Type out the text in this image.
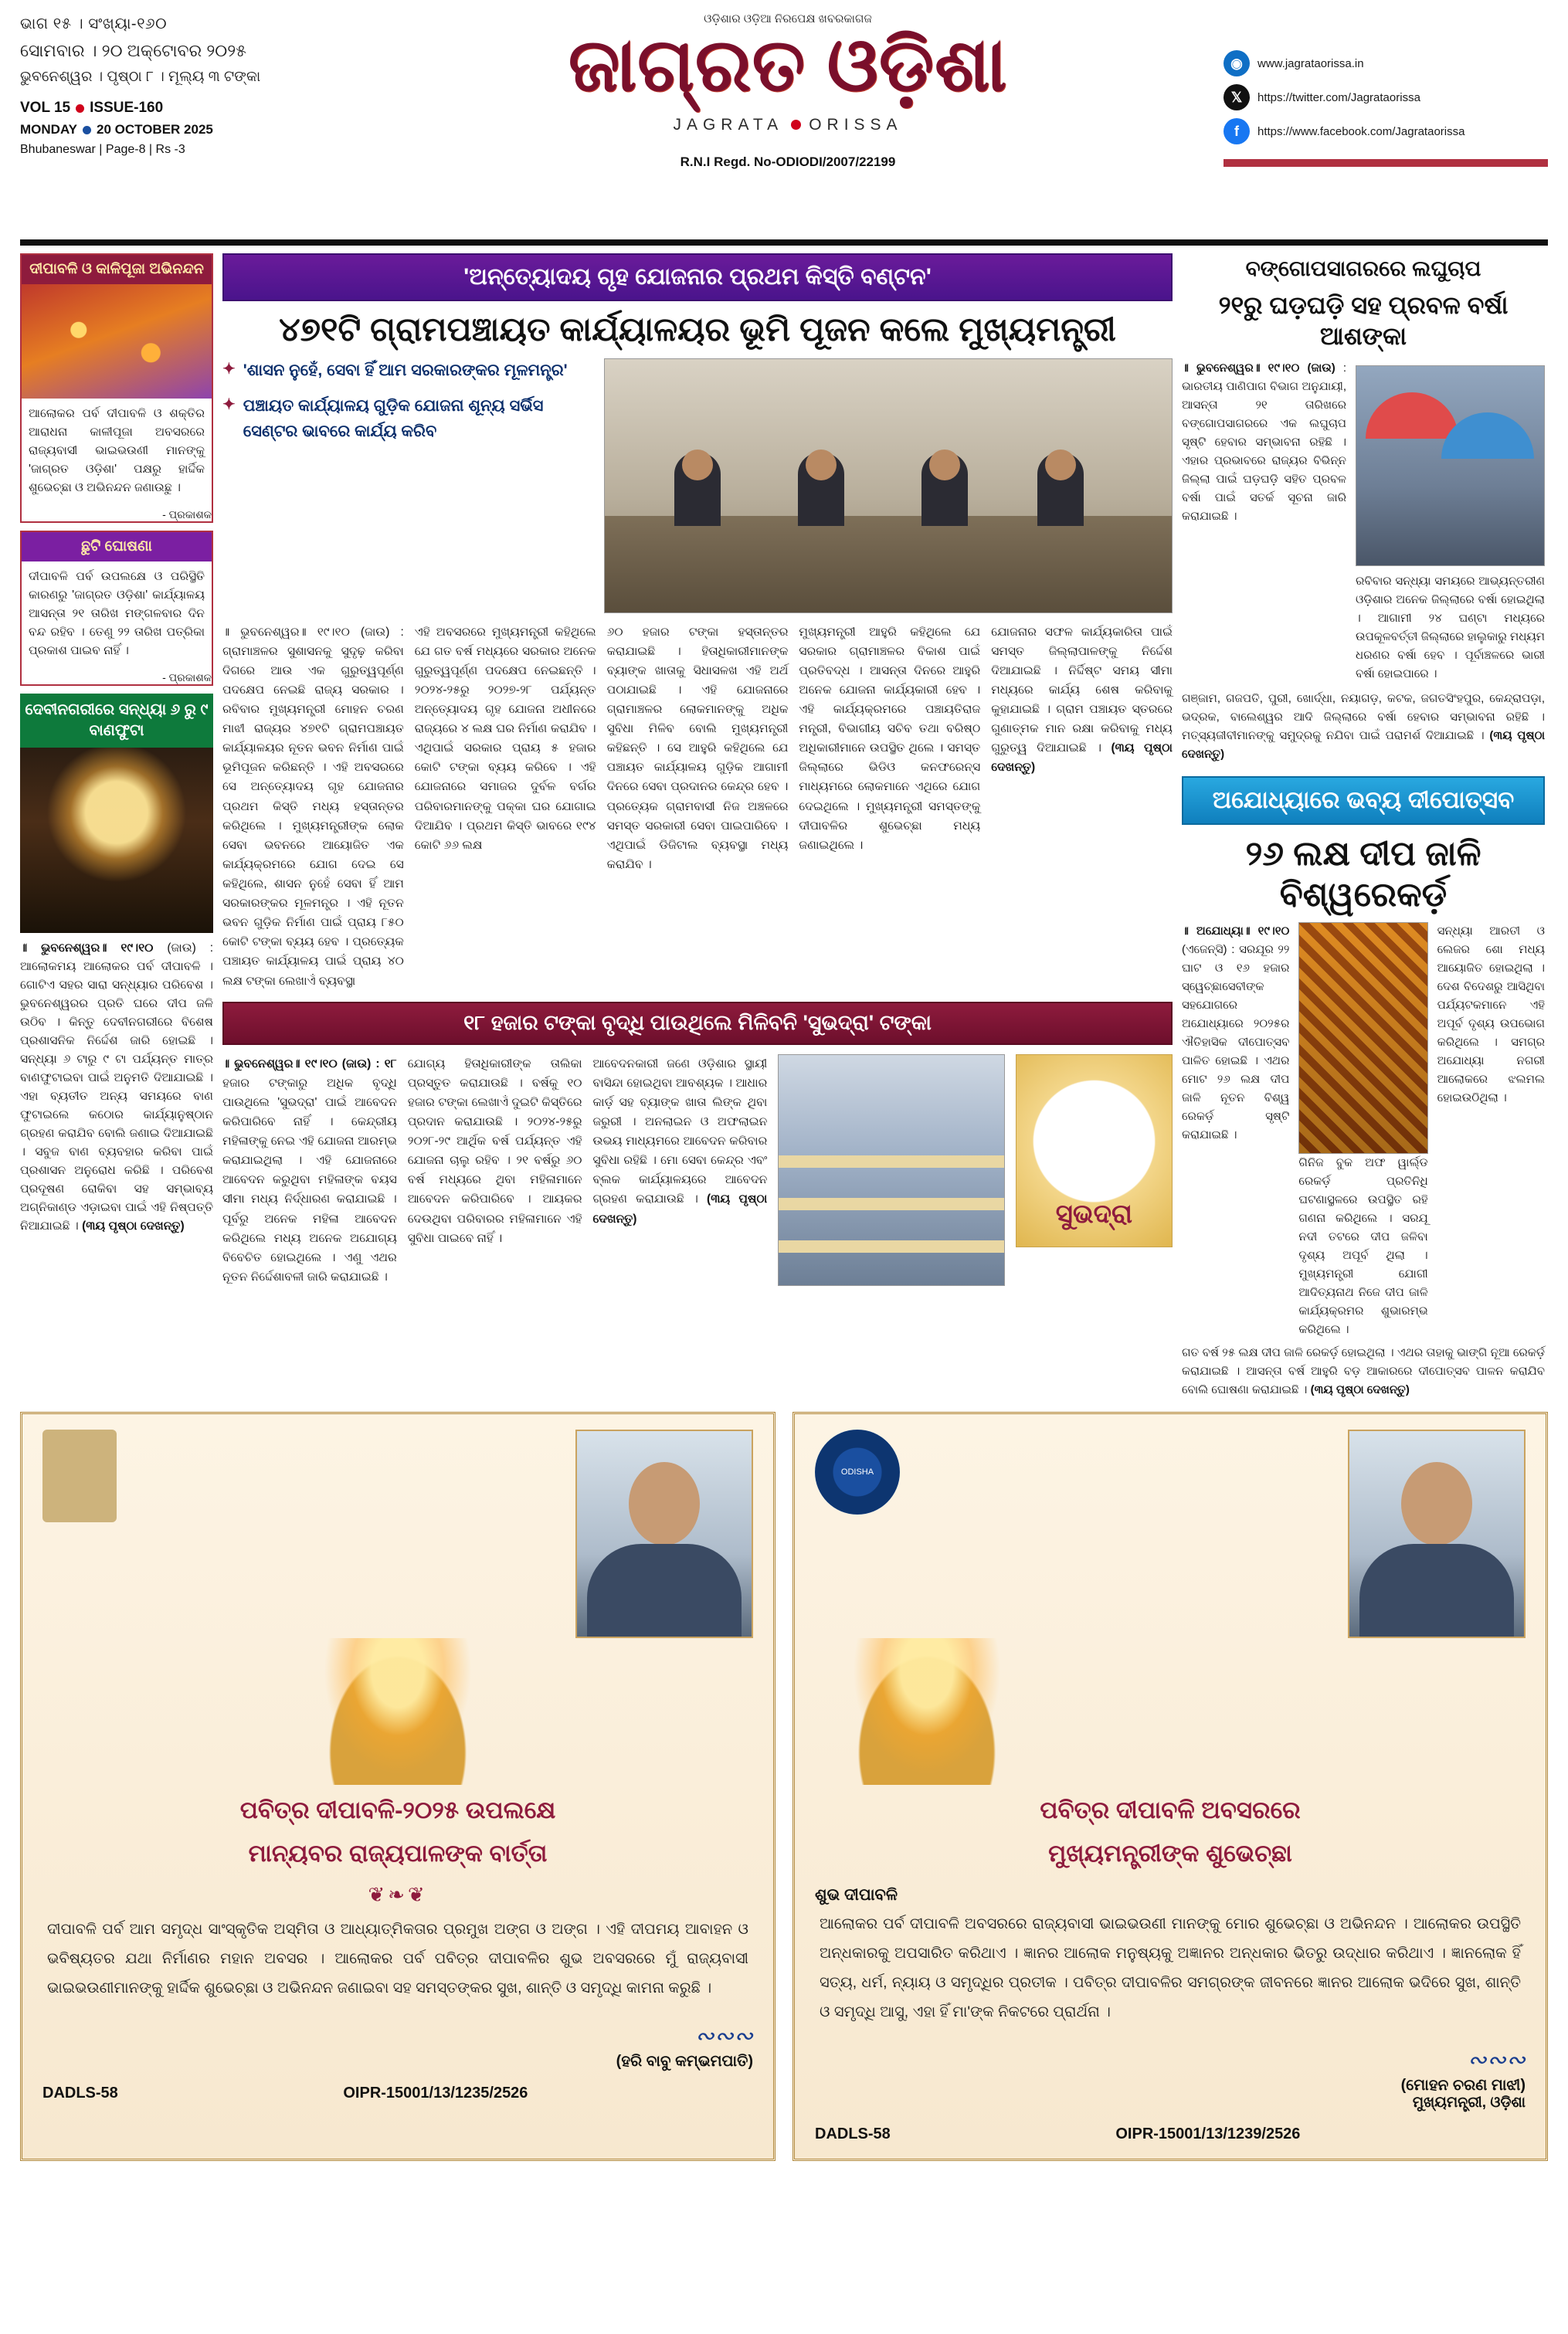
ଭାଗ ୧୫ । ସଂଖ୍ୟା-୧୬୦
ସୋମବାର । ୨୦ ଅକ୍ଟୋବର ୨୦୨୫
ଭୁବନେଶ୍ୱର । ପୃଷ୍ଠା ୮ । ମୂଲ୍ୟ ୩ ଟଙ୍କା
VOL 15 ISSUE-160
MONDAY 20 OCTOBER 2025
Bhubaneswar | Page-8 | Rs -3
ଓଡ଼ିଶାର ଓଡ଼ିଆ ନିରପେକ୍ଷ ଖବରକାଗଜ
ଜାଗ୍ରତ ଓଡ଼ିଶା
JAGRATA ORISSA
R.N.I Regd. No-ODIODI/2007/22199
◉	www.jagrataorissa.in
𝕏	https://twitter.com/Jagrataorissa
f	https://www.facebook.com/Jagrataorissa
ଦୀପାବଳି ଓ କାଳିପୂଜା ଅଭିନନ୍ଦନ
ଆଲୋକର ପର୍ବ ଦୀପାବଳି ଓ ଶକ୍ତିର ଆରାଧନା କାଳୀପୂଜା ଅବସରରେ ରାଜ୍ୟବାସୀ ଭାଇଭଉଣୀ ମାନଙ୍କୁ 'ଜାଗ୍ରତ ଓଡ଼ିଶା' ପକ୍ଷରୁ ହାର୍ଦ୍ଦିକ ଶୁଭେଚ୍ଛା ଓ ଅଭିନନ୍ଦନ ଜଣାଉଛୁ ।
- ପ୍ରକାଶକ
ଛୁଟି ଘୋଷଣା
ଦୀପାବଳି ପର୍ବ ଉପଲକ୍ଷେ ଓ ପରିସ୍ଥିତି କାରଣରୁ 'ଜାଗ୍ରତ ଓଡ଼ିଶା' କାର୍ଯ୍ୟାଳୟ ଆସନ୍ତା ୨୧ ତାରିଖ ମଙ୍ଗଳବାର ଦିନ ବନ୍ଦ ରହିବ । ତେଣୁ ୨୨ ତାରିଖ ପତ୍ରିକା ପ୍ରକାଶ ପାଇବ ନାହିଁ ।
- ପ୍ରକାଶକ
ଦେବୀନଗରୀରେ ସନ୍ଧ୍ୟା ୬ ରୁ ୯ ବାଣଫୁଟା
॥ ଭୁବନେଶ୍ୱର॥ ୧୯।୧୦ (ଜାଉ) : ଆଲୋକମୟ ଆଲୋକର ପର୍ବ ଦୀପାବଳି । ଗୋଟିଏ ସହର ସାରା ସନ୍ଧ୍ୟାର ପରିବେଶ । ଭୁବନେଶ୍ୱରର ପ୍ରତି ଘରେ ଦୀପ ଜଳି ଉଠିବ । କିନ୍ତୁ ଦେବୀନଗରୀରେ ବିଶେଷ ପ୍ରଶାସନିକ ନିର୍ଦ୍ଦେଶ ଜାରି ହୋଇଛି । ସନ୍ଧ୍ୟା ୬ ଟାରୁ ୯ ଟା ପର୍ଯ୍ୟନ୍ତ ମାତ୍ର ବାଣଫୁଟାଇବା ପାଇଁ ଅନୁମତି ଦିଆଯାଇଛି । ଏହା ବ୍ୟତୀତ ଅନ୍ୟ ସମୟରେ ବାଣ ଫୁଟାଇଲେ କଠୋର କାର୍ଯ୍ୟାନୁଷ୍ଠାନ ଗ୍ରହଣ କରାଯିବ ବୋଲି ଜଣାଇ ଦିଆଯାଇଛି । ସବୁଜ ବାଣ ବ୍ୟବହାର କରିବା ପାଇଁ ପ୍ରଶାସନ ଅନୁରୋଧ କରିଛି । ପରିବେଶ ପ୍ରଦୂଷଣ ରୋକିବା ସହ ସମ୍ଭାବ୍ୟ ଅଗ୍ନିକାଣ୍ଡ ଏଡ଼ାଇବା ପାଇଁ ଏହି ନିଷ୍ପତ୍ତି ନିଆଯାଇଛି । (୩ୟ ପୃଷ୍ଠା ଦେଖନ୍ତୁ)
'ଅନ୍ତ୍ୟୋଦୟ ଗୃହ ଯୋଜନାର ପ୍ରଥମ କିସ୍ତି ବଣ୍ଟନ'
୪୭୧ଟି ଗ୍ରାମପଞ୍ଚାୟତ କାର୍ଯ୍ୟାଳୟର ଭୂମି ପୂଜନ କଲେ ମୁଖ୍ୟମନ୍ତ୍ରୀ
✦ 'ଶାସନ ନୁହେଁ, ସେବା ହିଁ ଆମ ସରକାରଙ୍କର ମୂଳମନ୍ତ୍ର'
✦ ପଞ୍ଚାୟତ କାର୍ଯ୍ୟାଳୟ ଗୁଡ଼ିକ ଯୋଜନା ଶୂନ୍ୟ ସର୍ଭିସ ସେଣ୍ଟର ଭାବରେ କାର୍ଯ୍ୟ କରିବ
॥ ଭୁବନେଶ୍ୱର॥ ୧୯।୧୦ (ଜାଉ) : ଗ୍ରାମାଞ୍ଚଳର ସୁଶାସନକୁ ସୁଦୃଢ଼ କରିବା ଦିଗରେ ଆଉ ଏକ ଗୁରୁତ୍ୱପୂର୍ଣ୍ଣ ପଦକ୍ଷେପ ନେଇଛି ରାଜ୍ୟ ସରକାର । ରବିବାର ମୁଖ୍ୟମନ୍ତ୍ରୀ ମୋହନ ଚରଣ ମାଝୀ ରାଜ୍ୟର ୪୭୧ଟି ଗ୍ରାମପଞ୍ଚାୟତ କାର୍ଯ୍ୟାଳୟର ନୂତନ ଭବନ ନିର୍ମାଣ ପାଇଁ ଭୂମିପୂଜନ କରିଛନ୍ତି । ଏହି ଅବସରରେ ସେ ଅନ୍ତ୍ୟୋଦୟ ଗୃହ ଯୋଜନାର ପ୍ରଥମ କିସ୍ତି ମଧ୍ୟ ହସ୍ତାନ୍ତର କରିଥିଲେ । ମୁଖ୍ୟମନ୍ତ୍ରୀଙ୍କ ଲୋକ ସେବା ଭବନରେ ଆୟୋଜିତ ଏକ କାର୍ଯ୍ୟକ୍ରମରେ ଯୋଗ ଦେଇ ସେ କହିଥିଲେ, ଶାସନ ନୁହେଁ ସେବା ହିଁ ଆମ ସରକାରଙ୍କର ମୂଳମନ୍ତ୍ର । ଏହି ନୂତନ ଭବନ ଗୁଡ଼ିକ ନିର୍ମାଣ ପାଇଁ ପ୍ରାୟ ୮୫୦ କୋଟି ଟଙ୍କା ବ୍ୟୟ ହେବ । ପ୍ରତ୍ୟେକ ପଞ୍ଚାୟତ କାର୍ଯ୍ୟାଳୟ ପାଇଁ ପ୍ରାୟ ୪୦ ଲକ୍ଷ ଟଙ୍କା ଲେଖାଏଁ ବ୍ୟବସ୍ଥା
ଏହି ଅବସରରେ ମୁଖ୍ୟମନ୍ତ୍ରୀ କହିଥିଲେ ଯେ ଗତ ବର୍ଷ ମଧ୍ୟରେ ସରକାର ଅନେକ ଗୁରୁତ୍ୱପୂର୍ଣ୍ଣ ପଦକ୍ଷେପ ନେଇଛନ୍ତି । ୨୦୨୪-୨୫ରୁ ୨୦୨୭-୨୮ ପର୍ଯ୍ୟନ୍ତ ଅନ୍ତ୍ୟୋଦୟ ଗୃହ ଯୋଜନା ଅଧୀନରେ ରାଜ୍ୟରେ ୪ ଲକ୍ଷ ଘର ନିର୍ମାଣ କରାଯିବ । ଏଥିପାଇଁ ସରକାର ପ୍ରାୟ ୫ ହଜାର କୋଟି ଟଙ୍କା ବ୍ୟୟ କରିବେ । ଏହି ଯୋଜନାରେ ସମାଜର ଦୁର୍ବଳ ବର୍ଗର ପରିବାରମାନଙ୍କୁ ପକ୍କା ଘର ଯୋଗାଇ ଦିଆଯିବ । ପ୍ରଥମ କିସ୍ତି ଭାବରେ ୧୯୪ କୋଟି ୬୬ ଲକ୍ଷ
୬୦ ହଜାର ଟଙ୍କା ହସ୍ତାନ୍ତର କରାଯାଇଛି । ହିତାଧିକାରୀମାନଙ୍କ ବ୍ୟାଙ୍କ ଖାତାକୁ ସିଧାସଳଖ ଏହି ଅର୍ଥ ପଠାଯାଇଛି । ଏହି ଯୋଜନାରେ ଗ୍ରାମାଞ୍ଚଳର ଲୋକମାନଙ୍କୁ ଅଧିକ ସୁବିଧା ମିଳିବ ବୋଲି ମୁଖ୍ୟମନ୍ତ୍ରୀ କହିଛନ୍ତି । ସେ ଆହୁରି କହିଥିଲେ ଯେ ପଞ୍ଚାୟତ କାର୍ଯ୍ୟାଳୟ ଗୁଡ଼ିକ ଆଗାମୀ ଦିନରେ ସେବା ପ୍ରଦାନର କେନ୍ଦ୍ର ହେବ । ପ୍ରତ୍ୟେକ ଗ୍ରାମବାସୀ ନିଜ ଅଞ୍ଚଳରେ ସମସ୍ତ ସରକାରୀ ସେବା ପାଇପାରିବେ । ଏଥିପାଇଁ ଡିଜିଟାଲ ବ୍ୟବସ୍ଥା ମଧ୍ୟ କରାଯିବ ।
ମୁଖ୍ୟମନ୍ତ୍ରୀ ଆହୁରି କହିଥିଲେ ଯେ ସରକାର ଗ୍ରାମାଞ୍ଚଳର ବିକାଶ ପାଇଁ ପ୍ରତିବଦ୍ଧ । ଆସନ୍ତା ଦିନରେ ଆହୁରି ଅନେକ ଯୋଜନା କାର୍ଯ୍ୟକାରୀ ହେବ । ଏହି କାର୍ଯ୍ୟକ୍ରମରେ ପଞ୍ଚାୟତିରାଜ ମନ୍ତ୍ରୀ, ବିଭାଗୀୟ ସଚିବ ତଥା ବରିଷ୍ଠ ଅଧିକାରୀମାନେ ଉପସ୍ଥିତ ଥିଲେ । ସମସ୍ତ ଜିଲ୍ଲାରେ ଭିଡିଓ କନଫରେନ୍ସ ମାଧ୍ୟମରେ ଲୋକମାନେ ଏଥିରେ ଯୋଗ ଦେଇଥିଲେ । ମୁଖ୍ୟମନ୍ତ୍ରୀ ସମସ୍ତଙ୍କୁ ଦୀପାବଳିର ଶୁଭେଚ୍ଛା ମଧ୍ୟ ଜଣାଇଥିଲେ ।
ଯୋଜନାର ସଫଳ କାର୍ଯ୍ୟକାରିତା ପାଇଁ ସମସ୍ତ ଜିଲ୍ଲାପାଳଙ୍କୁ ନିର୍ଦ୍ଦେଶ ଦିଆଯାଇଛି । ନିର୍ଦ୍ଦିଷ୍ଟ ସମୟ ସୀମା ମଧ୍ୟରେ କାର୍ଯ୍ୟ ଶେଷ କରିବାକୁ କୁହାଯାଇଛି । ଗ୍ରାମ ପଞ୍ଚାୟତ ସ୍ତରରେ ଗୁଣାତ୍ମକ ମାନ ରକ୍ଷା କରିବାକୁ ମଧ୍ୟ ଗୁରୁତ୍ୱ ଦିଆଯାଇଛି । (୩ୟ ପୃଷ୍ଠା ଦେଖନ୍ତୁ)
୧୮ ହଜାର ଟଙ୍କା ବୃଦ୍ଧି ପାଉଥିଲେ ମିଳିବନି 'ସୁଭଦ୍ରା' ଟଙ୍କା
॥ ଭୁବନେଶ୍ୱର॥ ୧୯।୧୦ (ଜାଉ) : ୧୮ ହଜାର ଟଙ୍କାରୁ ଅଧିକ ବୃଦ୍ଧି ପାଉଥିଲେ 'ସୁଭଦ୍ରା' ପାଇଁ ଆବେଦନ କରିପାରିବେ ନାହିଁ । କେନ୍ଦ୍ରୀୟ ମହିଳାଙ୍କୁ ନେଇ ଏହି ଯୋଜନା ଆରମ୍ଭ କରାଯାଇଥିଲା । ଏହି ଯୋଜନାରେ ଆବେଦନ କରୁଥିବା ମହିଳାଙ୍କ ବୟସ ସୀମା ମଧ୍ୟ ନିର୍ଦ୍ଧାରଣ କରାଯାଇଛି । ପୂର୍ବରୁ ଅନେକ ମହିଳା ଆବେଦନ କରିଥିଲେ ମଧ୍ୟ ଅନେକ ଅଯୋଗ୍ୟ ବିବେଚିତ ହୋଇଥିଲେ । ଏଣୁ ଏଥର ନୂତନ ନିର୍ଦ୍ଦେଶାବଳୀ ଜାରି କରାଯାଇଛି ।
ଯୋଗ୍ୟ ହିତାଧିକାରୀଙ୍କ ତାଲିକା ପ୍ରସ୍ତୁତ କରାଯାଉଛି । ବର୍ଷକୁ ୧୦ ହଜାର ଟଙ୍କା ଲେଖାଏଁ ଦୁଇଟି କିସ୍ତିରେ ପ୍ରଦାନ କରାଯାଉଛି । ୨୦୨୪-୨୫ରୁ ୨୦୨୮-୨୯ ଆର୍ଥିକ ବର୍ଷ ପର୍ଯ୍ୟନ୍ତ ଏହି ଯୋଜନା ଚାଲୁ ରହିବ । ୨୧ ବର୍ଷରୁ ୬୦ ବର୍ଷ ମଧ୍ୟରେ ଥିବା ମହିଳାମାନେ ଆବେଦନ କରିପାରିବେ । ଆୟକର ଦେଉଥିବା ପରିବାରର ମହିଳାମାନେ ଏହି ସୁବିଧା ପାଇବେ ନାହିଁ ।
ଆବେଦନକାରୀ ଜଣେ ଓଡ଼ିଶାର ସ୍ଥାୟୀ ବାସିନ୍ଦା ହୋଇଥିବା ଆବଶ୍ୟକ । ଆଧାର କାର୍ଡ଼ ସହ ବ୍ୟାଙ୍କ ଖାତା ଲିଙ୍କ ଥିବା ଜରୁରୀ । ଅନଲାଇନ ଓ ଅଫଲାଇନ ଉଭୟ ମାଧ୍ୟମରେ ଆବେଦନ କରିବାର ସୁବିଧା ରହିଛି । ମୋ ସେବା କେନ୍ଦ୍ର ଏବଂ ବ୍ଲକ କାର୍ଯ୍ୟାଳୟରେ ଆବେଦନ ଗ୍ରହଣ କରାଯାଉଛି । (୩ୟ ପୃଷ୍ଠା ଦେଖନ୍ତୁ)	ସୁଭଦ୍ରା
ବଙ୍ଗୋପସାଗରରେ ଲଘୁଚାପ
୨୧ରୁ ଘଡ଼ଘଡ଼ି ସହ ପ୍ରବଳ ବର୍ଷା ଆଶଙ୍କା
॥ ଭୁବନେଶ୍ୱର॥ ୧୯।୧୦ (ଜାଉ) : ଭାରତୀୟ ପାଣିପାଗ ବିଭାଗ ଅନୁଯାୟୀ, ଆସନ୍ତା ୨୧ ତାରିଖରେ ବଙ୍ଗୋପସାଗରରେ ଏକ ଲଘୁଚାପ ସୃଷ୍ଟି ହେବାର ସମ୍ଭାବନା ରହିଛି । ଏହାର ପ୍ରଭାବରେ ରାଜ୍ୟର ବିଭିନ୍ନ ଜିଲ୍ଲା ପାଇଁ ଘଡ଼ଘଡ଼ି ସହିତ ପ୍ରବଳ ବର୍ଷା ପାଇଁ ସତର୍କ ସୂଚନା ଜାରି କରାଯାଇଛି ।
ରବିବାର ସନ୍ଧ୍ୟା ସମୟରେ ଆଭ୍ୟନ୍ତରୀଣ ଓଡ଼ିଶାର ଅନେକ ଜିଲ୍ଲାରେ ବର୍ଷା ହୋଇଥିଲା । ଆଗାମୀ ୨୪ ଘଣ୍ଟା ମଧ୍ୟରେ ଉପକୂଳବର୍ତ୍ତୀ ଜିଲ୍ଲାରେ ହାଲୁକାରୁ ମଧ୍ୟମ ଧରଣର ବର୍ଷା ହେବ । ପୂର୍ବାଞ୍ଚଳରେ ଭାରୀ ବର୍ଷା ହୋଇପାରେ ।
ଗଞ୍ଜାମ, ଗଜପତି, ପୁରୀ, ଖୋର୍ଦ୍ଧା, ନୟାଗଡ଼, କଟକ, ଜଗତସିଂହପୁର, କେନ୍ଦ୍ରାପଡ଼ା, ଭଦ୍ରକ, ବାଲେଶ୍ୱର ଆଦି ଜିଲ୍ଲାରେ ବର୍ଷା ହେବାର ସମ୍ଭାବନା ରହିଛି । ମତ୍ସ୍ୟଜୀବୀମାନଙ୍କୁ ସମୁଦ୍ରକୁ ନଯିବା ପାଇଁ ପରାମର୍ଶ ଦିଆଯାଇଛି । (୩ୟ ପୃଷ୍ଠା ଦେଖନ୍ତୁ)
ଅଯୋଧ୍ୟାରେ ଭବ୍ୟ ଦୀପୋତ୍ସବ
୨୬ ଲକ୍ଷ ଦୀପ ଜାଳି ବିଶ୍ୱରେକର୍ଡ଼
॥ ଅଯୋଧ୍ୟା॥ ୧୯।୧୦ (ଏଜେନ୍ସି) : ସରଯୂର ୨୨ ଘାଟ ଓ ୧୬ ହଜାର ସ୍ୱେଚ୍ଛାସେବୀଙ୍କ ସହଯୋଗରେ ଅଯୋଧ୍ୟାରେ ୨୦୨୫ର ଐତିହାସିକ ଦୀପୋତ୍ସବ ପାଳିତ ହୋଇଛି । ଏଥର ମୋଟ ୨୬ ଲକ୍ଷ ଦୀପ ଜାଳି ନୂତନ ବିଶ୍ୱ ରେକର୍ଡ଼ ସୃଷ୍ଟି କରାଯାଇଛି ।
ଗିନିଜ ବୁକ ଅଫ ୱାର୍ଲ୍ଡ ରେକର୍ଡ଼ ପ୍ରତିନିଧି ଘଟଣାସ୍ଥଳରେ ଉପସ୍ଥିତ ରହି ଗଣନା କରିଥିଲେ । ସରଯୂ ନଦୀ ତଟରେ ଦୀପ ଜଳିବା ଦୃଶ୍ୟ ଅପୂର୍ବ ଥିଲା । ମୁଖ୍ୟମନ୍ତ୍ରୀ ଯୋଗୀ ଆଦିତ୍ୟନାଥ ନିଜେ ଦୀପ ଜାଳି କାର୍ଯ୍ୟକ୍ରମର ଶୁଭାରମ୍ଭ କରିଥିଲେ ।
ସନ୍ଧ୍ୟା ଆରତୀ ଓ ଲେଜର ଶୋ ମଧ୍ୟ ଆୟୋଜିତ ହୋଇଥିଲା । ଦେଶ ବିଦେଶରୁ ଆସିଥିବା ପର୍ଯ୍ୟଟକମାନେ ଏହି ଅପୂର୍ବ ଦୃଶ୍ୟ ଉପଭୋଗ କରିଥିଲେ । ସମଗ୍ର ଅଯୋଧ୍ୟା ନଗରୀ ଆଲୋକରେ ଝଲମଲ ହୋଇଉଠିଥିଲା ।
ଗତ ବର୍ଷ ୨୫ ଲକ୍ଷ ଦୀପ ଜାଳି ରେକର୍ଡ଼ ହୋଇଥିଲା । ଏଥର ତାହାକୁ ଭାଙ୍ଗି ନୂଆ ରେକର୍ଡ଼ କରାଯାଇଛି । ଆସନ୍ତା ବର୍ଷ ଆହୁରି ବଡ଼ ଆକାରରେ ଦୀପୋତ୍ସବ ପାଳନ କରାଯିବ ବୋଲି ଘୋଷଣା କରାଯାଇଛି । (୩ୟ ପୃଷ୍ଠା ଦେଖନ୍ତୁ)
ପବିତ୍ର ଦୀପାବଳି-୨୦୨୫ ଉପଲକ୍ଷେ
ମାନ୍ୟବର ରାଜ୍ୟପାଳଙ୍କ ବାର୍ତ୍ତା
❦❧❦
ଦୀପାବଳି ପର୍ବ ଆମ ସମୃଦ୍ଧ ସାଂସ୍କୃତିକ ଅସ୍ମିତା ଓ ଆଧ୍ୟାତ୍ମିକତାର ପ୍ରମୁଖ ଅଙ୍ଗ ଓ ଅଙ୍ଗ । ଏହି ଦୀପମୟ ଆବାହନ ଓ ଭବିଷ୍ୟତର ଯଥା ନିର୍ମାଣର ମହାନ ଅବସର । ଆଲୋକର ପର୍ବ ପବିତ୍ର ଦୀପାବଳିର ଶୁଭ ଅବସରରେ ମୁଁ ରାଜ୍ୟବାସୀ ଭାଇଭଉଣୀମାନଙ୍କୁ ହାର୍ଦ୍ଦିକ ଶୁଭେଚ୍ଛା ଓ ଅଭିନନ୍ଦନ ଜଣାଇବା ସହ ସମସ୍ତଙ୍କର ସୁଖ, ଶାନ୍ତି ଓ ସମୃଦ୍ଧି କାମନା କରୁଛି ।
∾∾∾
(ହରି ବାବୁ କମ୍ଭମପାତି)
DADLS-58	OIPR-15001/13/1235/2526
ODISHA
ପବିତ୍ର ଦୀପାବଳି ଅବସରରେ
ମୁଖ୍ୟମନ୍ତ୍ରୀଙ୍କ ଶୁଭେଚ୍ଛା
ଶୁଭ ଦୀପାବଳି
ଆଲୋକର ପର୍ବ ଦୀପାବଳି ଅବସରରେ ରାଜ୍ୟବାସୀ ଭାଇଭଉଣୀ ମାନଙ୍କୁ ମୋର ଶୁଭେଚ୍ଛା ଓ ଅଭିନନ୍ଦନ । ଆଲୋକର ଉପସ୍ଥିତି ଅନ୍ଧକାରକୁ ଅପସାରିତ କରିଥାଏ । ଜ୍ଞାନର ଆଲୋକ ମନୁଷ୍ୟକୁ ଅଜ୍ଞାନର ଅନ୍ଧକାର ଭିତରୁ ଉଦ୍ଧାର କରିଥାଏ । ଜ୍ଞାନଲୋକ ହିଁ ସତ୍ୟ, ଧର୍ମ, ନ୍ୟାୟ ଓ ସମୃଦ୍ଧିର ପ୍ରତୀକ । ପବିତ୍ର ଦୀପାବଳିର ସମଗ୍ରଙ୍କ ଜୀବନରେ ଜ୍ଞାନର ଆଲୋକ ଭଦିରେ ସୁଖ, ଶାନ୍ତି ଓ ସମୃଦ୍ଧି ଆସୁ, ଏହା ହିଁ ମା'ଙ୍କ ନିକଟରେ ପ୍ରାର୍ଥନା ।
∾∾∾
(ମୋହନ ଚରଣ ମାଝୀ)
ମୁଖ୍ୟମନ୍ତ୍ରୀ, ଓଡ଼ିଶା
DADLS-58	OIPR-15001/13/1239/2526
